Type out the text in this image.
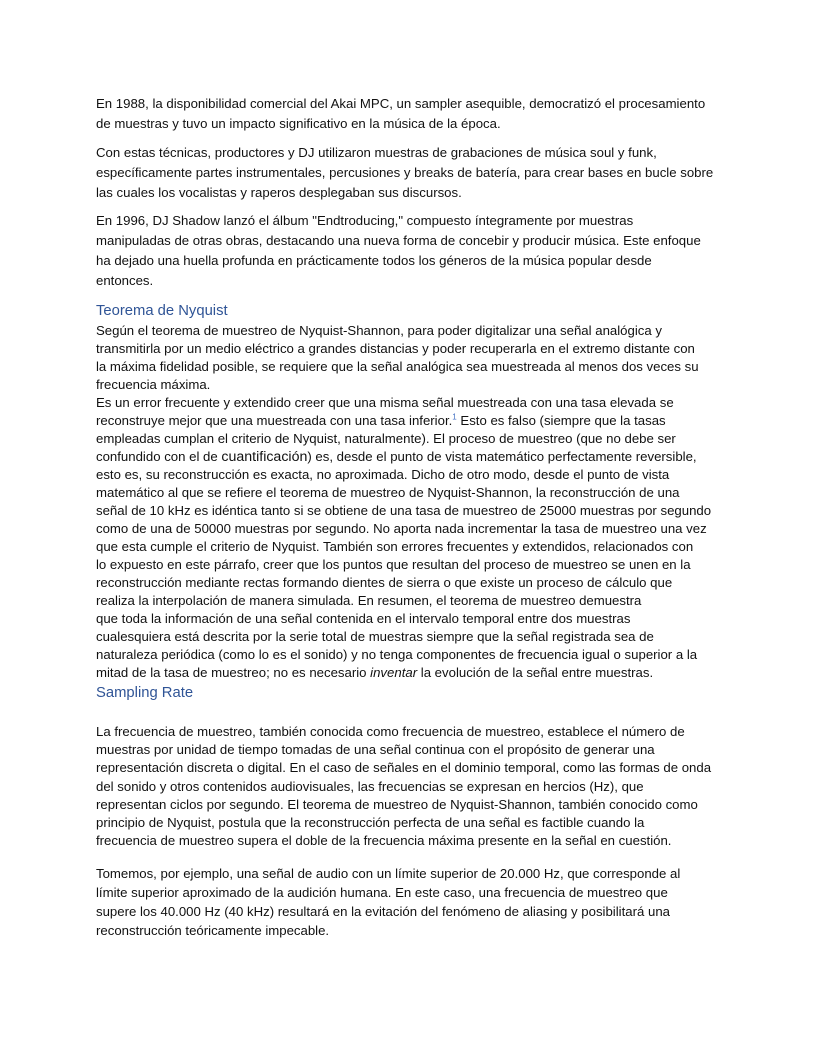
En 1988, la disponibilidad comercial del Akai MPC, un sampler asequible, democratizó el procesamiento
de muestras y tuvo un impacto significativo en la música de la época.
Con estas técnicas, productores y DJ utilizaron muestras de grabaciones de música soul y funk,
específicamente partes instrumentales, percusiones y breaks de batería, para crear bases en bucle sobre
las cuales los vocalistas y raperos desplegaban sus discursos.
En 1996, DJ Shadow lanzó el álbum "Endtroducing," compuesto íntegramente por muestras
manipuladas de otras obras, destacando una nueva forma de concebir y producir música. Este enfoque
ha dejado una huella profunda en prácticamente todos los géneros de la música popular desde
entonces.
Teorema de Nyquist
Según el teorema de muestreo de Nyquist-Shannon, para poder digitalizar una señal analógica y
transmitirla por un medio eléctrico a grandes distancias y poder recuperarla en el extremo distante con
la máxima fidelidad posible, se requiere que la señal analógica sea muestreada al menos dos veces su
frecuencia máxima.
Es un error frecuente y extendido creer que una misma señal muestreada con una tasa elevada se
reconstruye mejor que una muestreada con una tasa inferior.$^1$ Esto es falso (siempre que la tasas
empleadas cumplan el criterio de Nyquist, naturalmente). El proceso de muestreo (que no debe ser
confundido con el de cuantificación) es, desde el punto de vista matemático perfectamente reversible,
esto es, su reconstrucción es exacta, no aproximada. Dicho de otro modo, desde el punto de vista
matemático al que se refiere el teorema de muestreo de Nyquist-Shannon, la reconstrucción de una
señal de 10 kHz es idéntica tanto si se obtiene de una tasa de muestreo de 25000 muestras por segundo
como de una de 50000 muestras por segundo. No aporta nada incrementar la tasa de muestreo una vez
que esta cumple el criterio de Nyquist. También son errores frecuentes y extendidos, relacionados con
lo expuesto en este párrafo, creer que los puntos que resultan del proceso de muestreo se unen en la
reconstrucción mediante rectas formando dientes de sierra o que existe un proceso de cálculo que
realiza la interpolación de manera simulada. En resumen, el teorema de muestreo demuestra
que toda la información de una señal contenida en el intervalo temporal entre dos muestras
cualesquiera está descrita por la serie total de muestras siempre que la señal registrada sea de
naturaleza periódica (como lo es el sonido) y no tenga componentes de frecuencia igual o superior a la
mitad de la tasa de muestreo; no es necesario inventar la evolución de la señal entre muestras.
Sampling Rate
La frecuencia de muestreo, también conocida como frecuencia de muestreo, establece el número de
muestras por unidad de tiempo tomadas de una señal continua con el propósito de generar una
representación discreta o digital. En el caso de señales en el dominio temporal, como las formas de onda
del sonido y otros contenidos audiovisuales, las frecuencias se expresan en hercios (Hz), que
representan ciclos por segundo. El teorema de muestreo de Nyquist-Shannon, también conocido como
principio de Nyquist, postula que la reconstrucción perfecta de una señal es factible cuando la
frecuencia de muestreo supera el doble de la frecuencia máxima presente en la señal en cuestión.
Tomemos, por ejemplo, una señal de audio con un límite superior de 20.000 Hz, que corresponde al
límite superior aproximado de la audición humana. En este caso, una frecuencia de muestreo que
supere los 40.000 Hz (40 kHz) resultará en la evitación del fenómeno de aliasing y posibilitará una
reconstrucción teóricamente impecable.
